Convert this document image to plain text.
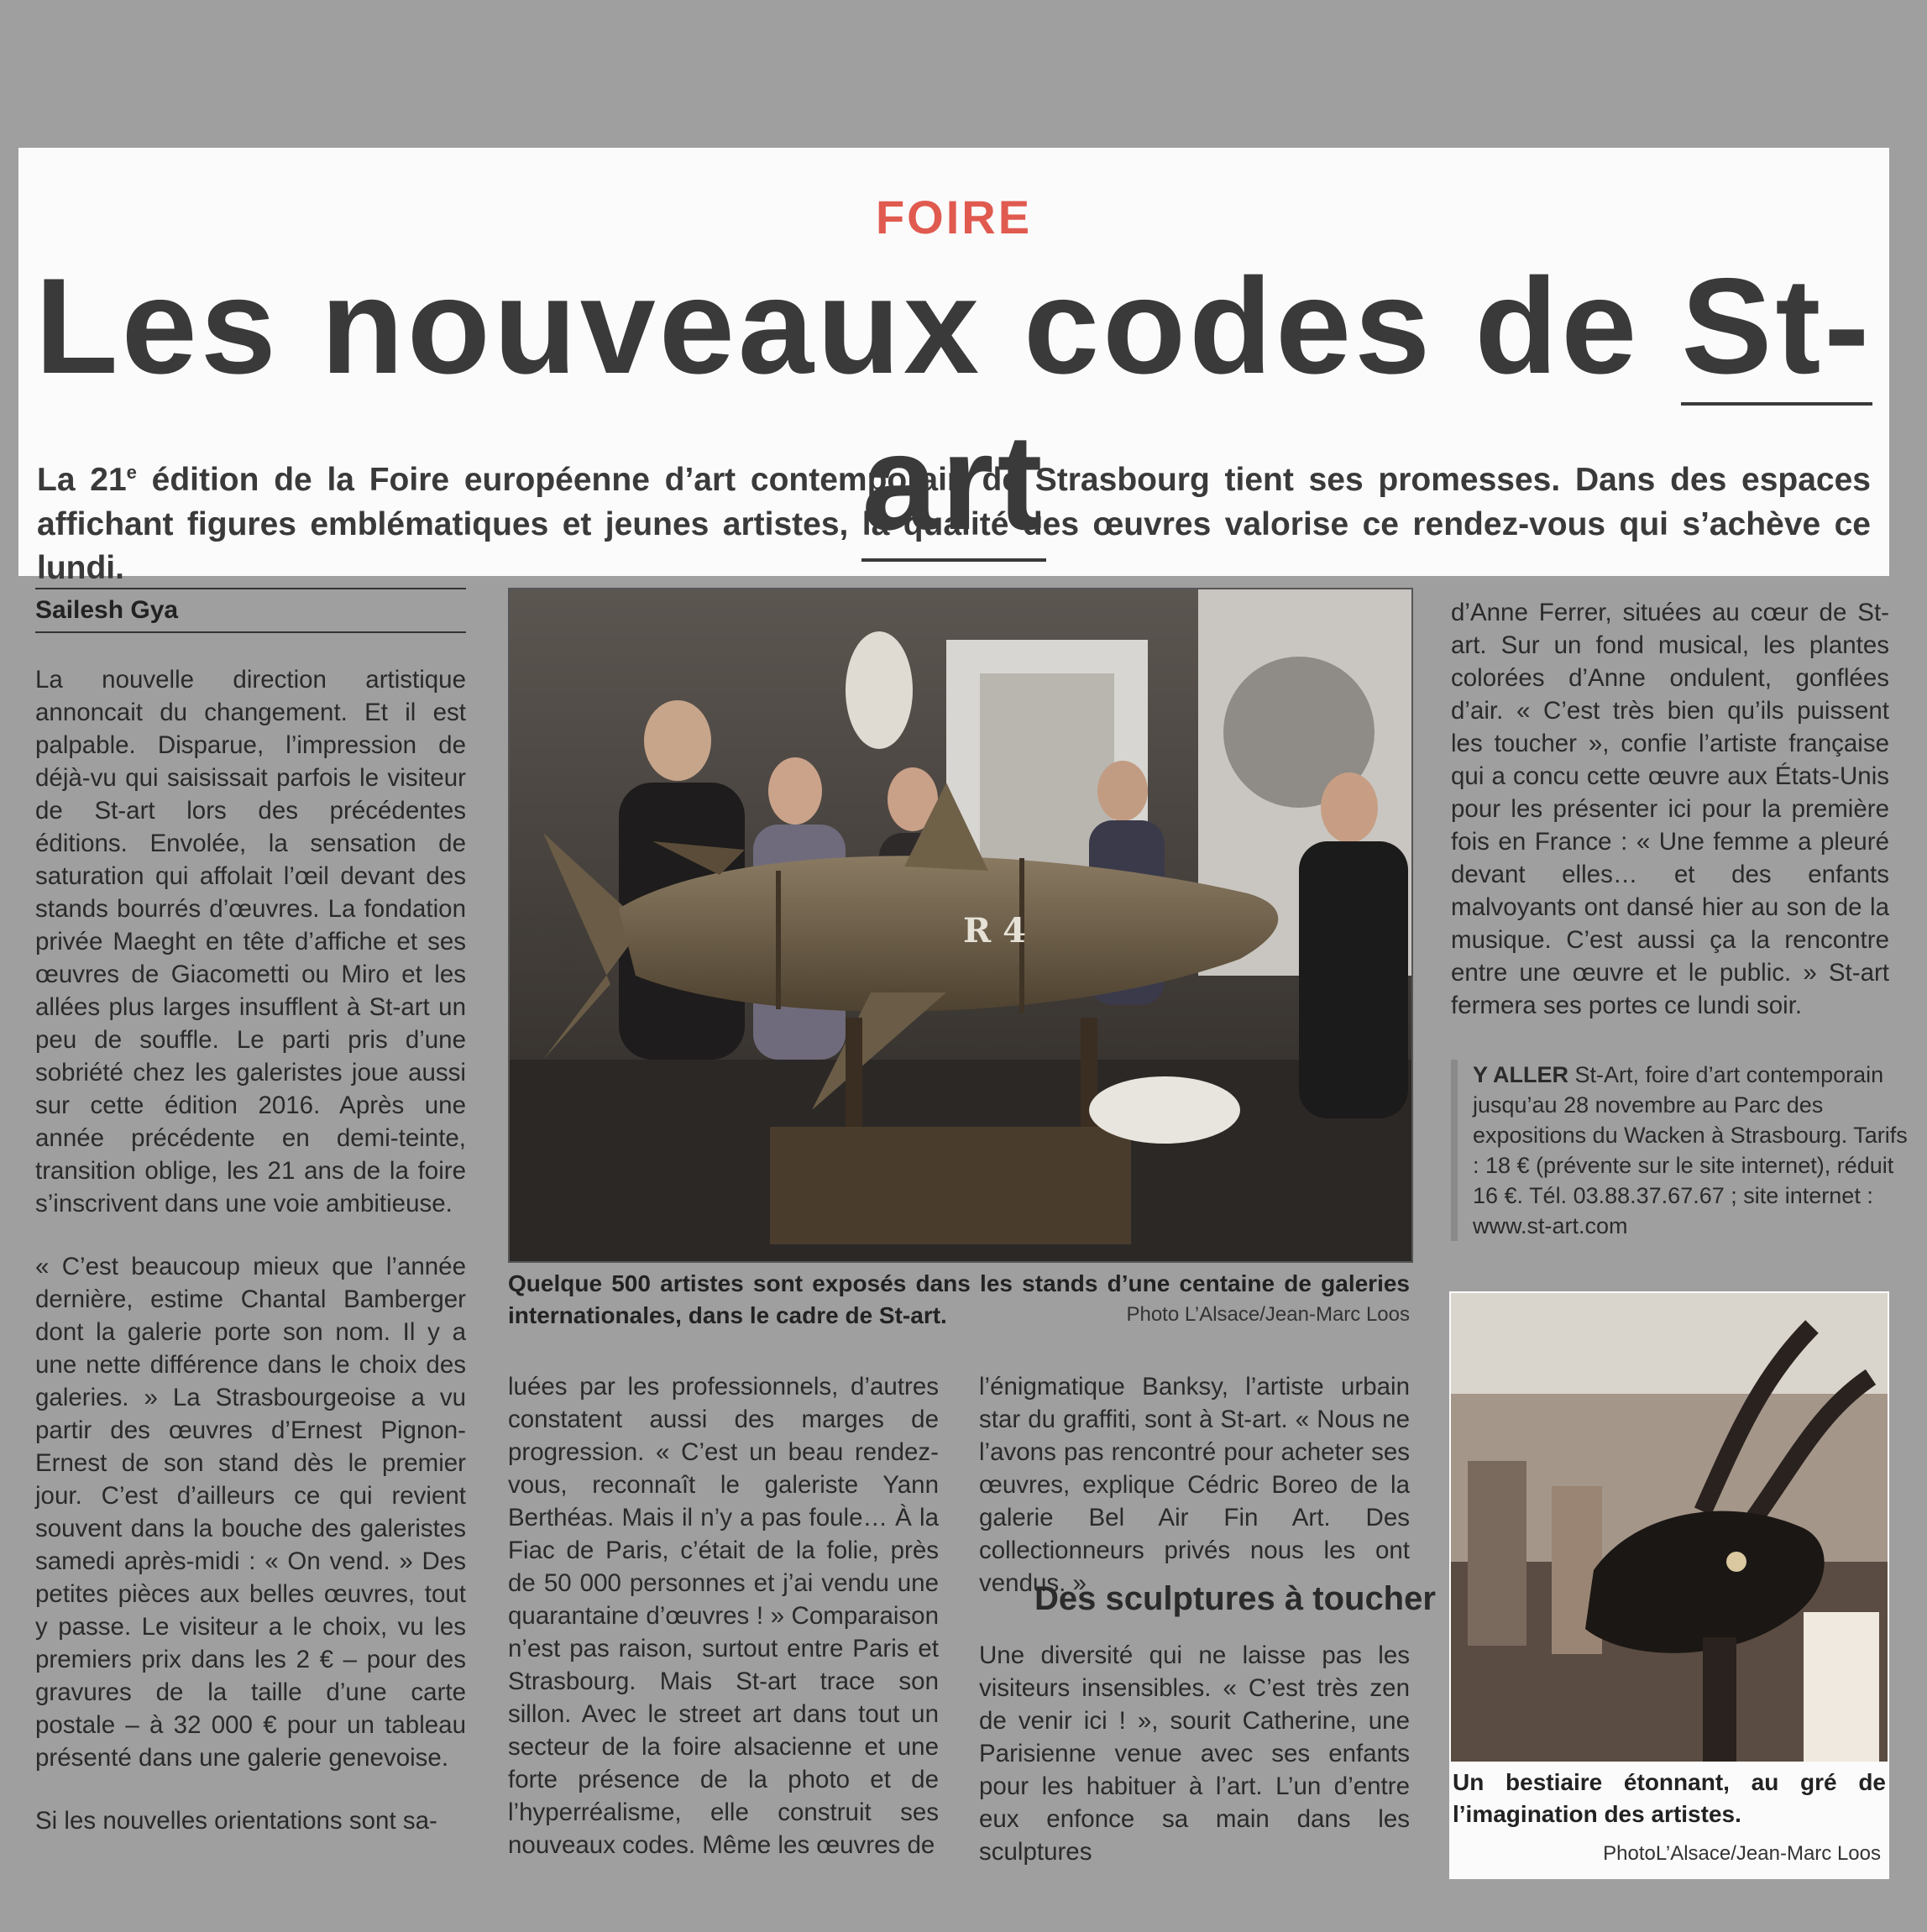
FOIRE
Les nouveaux codes de St-art
La 21e édition de la Foire européenne d’art contemporain de Strasbourg tient ses promesses. Dans des espaces affichant figures emblématiques et jeunes artistes, la qualité des œuvres valorise ce rendez-vous qui s’achève ce lundi.
Sailesh Gya

La nouvelle direction artistique annoncait du changement. Et il est palpable. Disparue, l’impression de déjà-vu qui saisissait parfois le visiteur de St-art lors des précédentes éditions. Envolée, la sensation de saturation qui affolait l’œil devant des stands bourrés d’œuvres. La fondation privée Maeght en tête d’affiche et ses œuvres de Giacometti ou Miro et les allées plus larges insufflent à St-art un peu de souffle. Le parti pris d’une sobriété chez les galeristes joue aussi sur cette édition 2016. Après une année précédente en demi-teinte, transition oblige, les 21 ans de la foire s’inscrivent dans une voie ambitieuse.

« C’est beaucoup mieux que l’année dernière, estime Chantal Bamberger dont la galerie porte son nom. Il y a une nette différence dans le choix des galeries. » La Strasbourgeoise a vu partir des œuvres d’Ernest Pignon-Ernest de son stand dès le premier jour. C’est d’ailleurs ce qui revient souvent dans la bouche des galeristes samedi après-midi : « On vend. » Des petites pièces aux belles œuvres, tout y passe. Le visiteur a le choix, vu les premiers prix dans les 2 € – pour des gravures de la taille d’une carte postale – à 32 000 € pour un tableau présenté dans une galerie genevoise.

Si les nouvelles orientations sont sa-

R 4
Quelque 500 artistes sont exposés dans les stands d’une centaine de galeries internationales, dans le cadre de St-art.	Photo L’Alsace/Jean-Marc Loos

luées par les professionnels, d’autres constatent aussi des marges de progression. « C’est un beau rendez-vous, reconnaît le galeriste Yann Berthéas. Mais il n’y a pas foule… À la Fiac de Paris, c’était de la folie, près de 50 000 personnes et j’ai vendu une quarantaine d’œuvres ! » Comparaison n’est pas raison, surtout entre Paris et Strasbourg. Mais St-art trace son sillon. Avec le street art dans tout un secteur de la foire alsacienne et une forte présence de la photo et de l’hyperréalisme, elle construit ses nouveaux codes. Même les œuvres de

l’énigmatique Banksy, l’artiste urbain star du graffiti, sont à St-art. « Nous ne l’avons pas rencontré pour acheter ses œuvres, explique Cédric Boreo de la galerie Bel Air Fin Art. Des collectionneurs privés nous les ont vendus. »

Des sculptures à toucher

Une diversité qui ne laisse pas les visiteurs insensibles. « C’est très zen de venir ici ! », sourit Catherine, une Parisienne venue avec ses enfants pour les habituer à l’art. L’un d’entre eux enfonce sa main dans les sculptures

d’Anne Ferrer, situées au cœur de St-art. Sur un fond musical, les plantes colorées d’Anne ondulent, gonflées d’air. « C’est très bien qu’ils puissent les toucher », confie l’artiste française qui a concu cette œuvre aux États-Unis pour les présenter ici pour la première fois en France : « Une femme a pleuré devant elles… et des enfants malvoyants ont dansé hier au son de la musique. C’est aussi ça la rencontre entre une œuvre et le public. » St-art fermera ses portes ce lundi soir.

Y ALLER St-Art, foire d’art contemporain jusqu’au 28 novembre au Parc des expositions du Wacken à Strasbourg. Tarifs : 18 € (prévente sur le site internet), réduit 16 €. Tél. 03.88.37.67.67 ; site internet : www.st-art.com
Un bestiaire étonnant, au gré de l’imagination des artistes.
PhotoL’Alsace/Jean-Marc Loos
